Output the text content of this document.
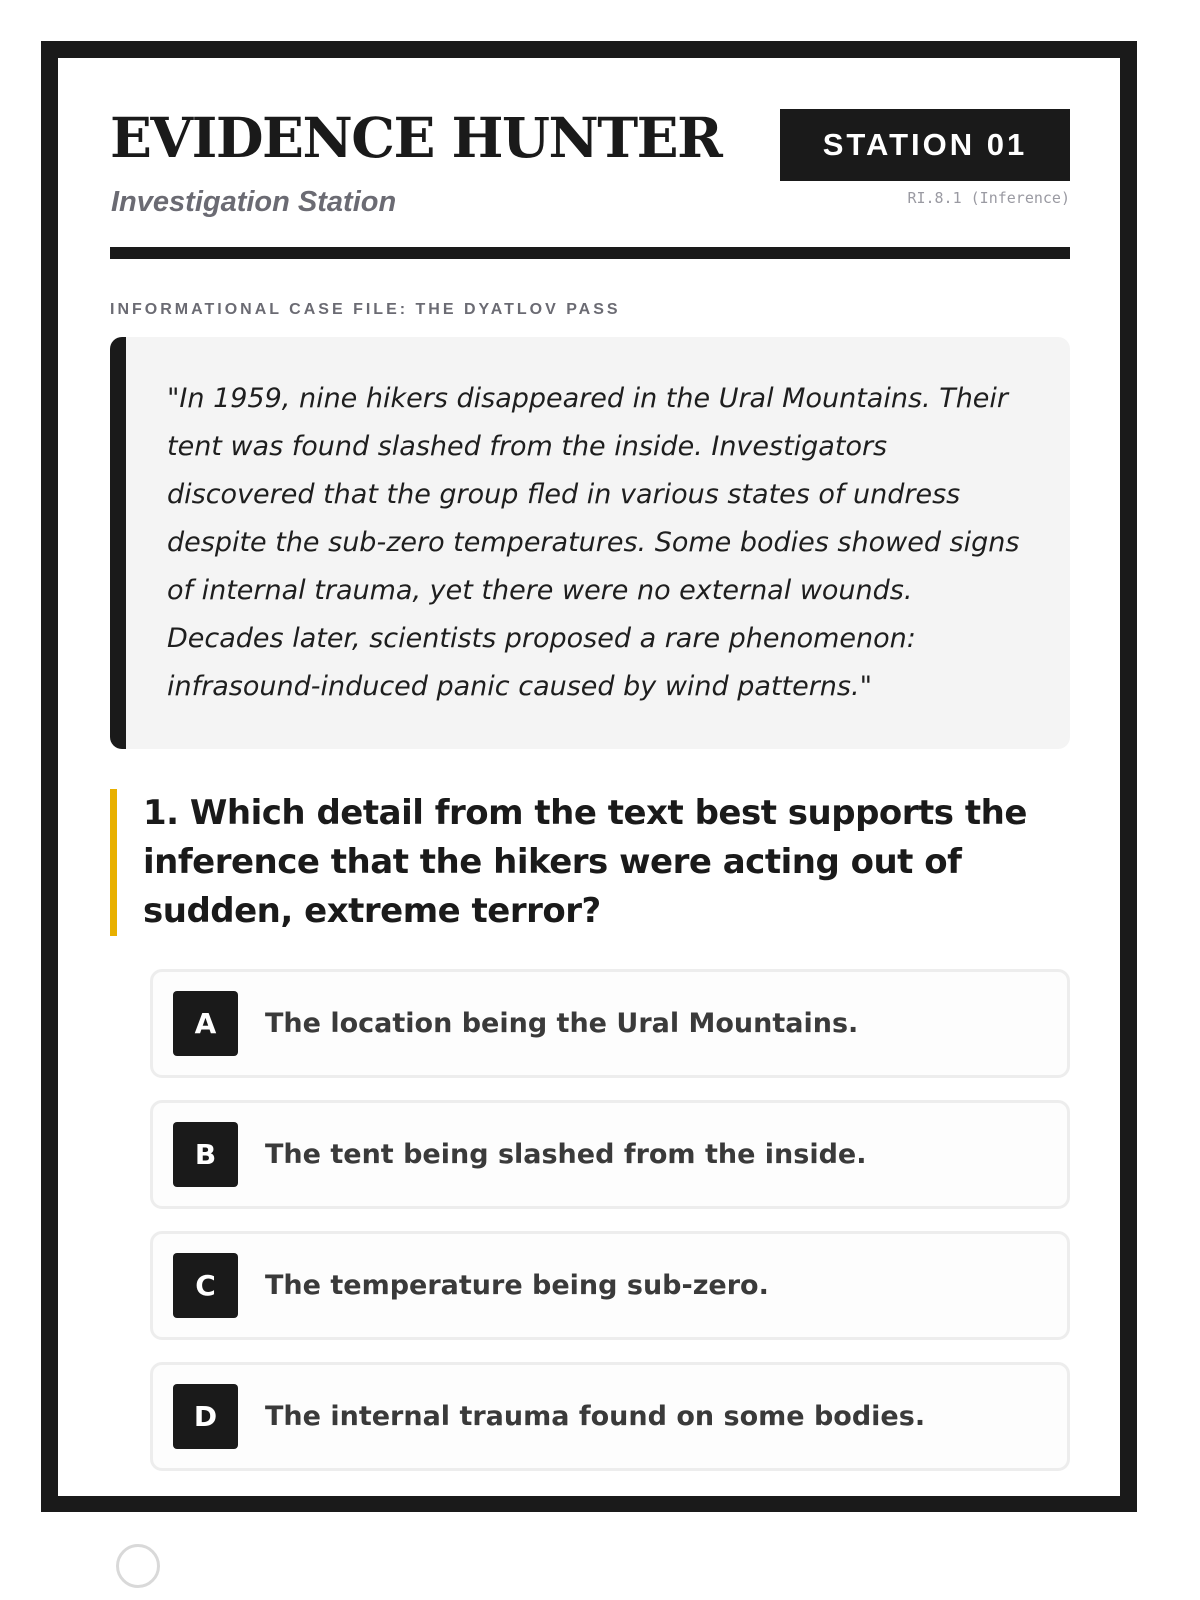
EVIDENCE HUNTER
Investigation Station
STATION 01
RI.8.1 (Inference)
INFORMATIONAL CASE FILE: THE DYATLOV PASS

"In 1959, nine hikers disappeared in the Ural Mountains. Their tent was found slashed from the inside. Investigators discovered that the group fled in various states of undress despite the sub-zero temperatures. Some bodies showed signs of internal trauma, yet there were no external wounds. Decades later, scientists proposed a rare phenomenon: infrasound-induced panic caused by wind patterns."

1. Which detail from the text best supports the inference that the hikers were acting out of sudden, extreme terror?

A	The location being the Ural Mountains.
B	The tent being slashed from the inside.
C	The temperature being sub-zero.
D	The internal trauma found on some bodies.
